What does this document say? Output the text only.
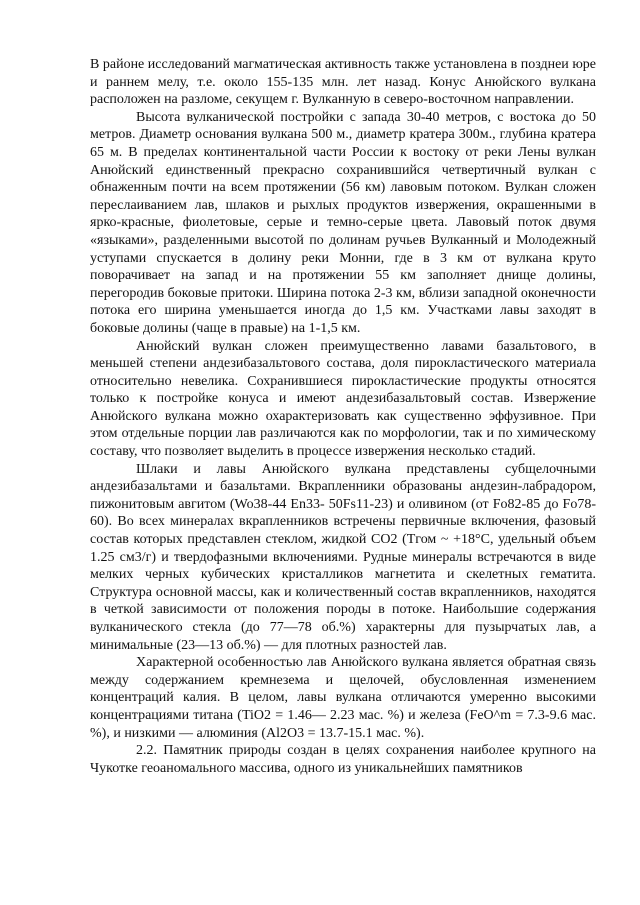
В районе исследований магматическая активность также установлена в позднеи юре и раннем мелу, т.е. около 155-135 млн. лет назад. Конус Анюйского вулкана расположен на разломе, секущем г. Вулканную в северо-восточном направлении.

Высота вулканической постройки с запада 30-40 метров, с востока до 50 метров. Диаметр основания вулкана 500 м., диаметр кратера 300м., глубина кратера 65 м. В пределах континентальной части России к востоку от реки Лены вулкан Анюйский единственный прекрасно сохранившийся четвертичный вулкан с обнаженным почти на всем протяжении (56 км) лавовым потоком. Вулкан сложен переслаиванием лав, шлаков и рыхлых продуктов извержения, окрашенными в ярко-красные, фиолетовые, серые и темно-серые цвета. Лавовый поток двумя «языками», разделенными высотой по долинам ручьев Вулканный и Молодежный уступами спускается в долину реки Монни, где в 3 км от вулкана круто поворачивает на запад и на протяжении 55 км заполняет днище долины, перегородив боковые притоки. Ширина потока 2-3 км, вблизи западной оконечности потока его ширина уменьшается иногда до 1,5 км. Участками лавы заходят в боковые долины (чаще в правые) на 1-1,5 км.

Анюйский вулкан сложен преимущественно лавами базальтового, в меньшей степени андезибазальтового состава, доля пирокластического материала относительно невелика. Сохранившиеся пирокластические продукты относятся только к постройке конуса и имеют андезибазальтовый состав. Извержение Анюйского вулкана можно охарактеризовать как существенно эффузивное. При этом отдельные порции лав различаются как по морфологии, так и по химическому составу, что позволяет выделить в процессе извержения несколько стадий.

Шлаки и лавы Анюйского вулкана представлены субщелочными андезибазальтами и базальтами. Вкрапленники образованы андезин-лабрадором, пижонитовым авгитом (Wo38-44 En33- 50Fs11-23) и оливином (от Fo82-85 до Fo78-60). Во всех минералах вкрапленников встречены первичные включения, фазовый состав которых представлен стеклом, жидкой СО2 (Тгом ~ +18°С, удельный объем 1.25 см3/г) и твердофазными включениями. Рудные минералы встречаются в виде мелких черных кубических кристалликов магнетита и скелетных гематита. Структура основной массы, как и количественный состав вкрапленников, находятся в четкой зависимости от положения породы в потоке. Наибольшие содержания вулканического стекла (до 77—78 об.%) характерны для пузырчатых лав, а минимальные (23—13 об.%) — для плотных разностей лав.

Характерной особенностью лав Анюйского вулкана является обратная связь между содержанием кремнезема и щелочей, обусловленная изменением концентраций калия. В целом, лавы вулкана отличаются умеренно высокими концентрациями титана (TiO2 = 1.46— 2.23 мас. %) и железа (FeO^m = 7.3-9.6 мас. %), и низкими — алюминия (Al2O3 = 13.7-15.1 мас. %).

2.2. Памятник природы создан в целях сохранения наиболее крупного на Чукотке геоаномального массива, одного из уникальнейших памятников
